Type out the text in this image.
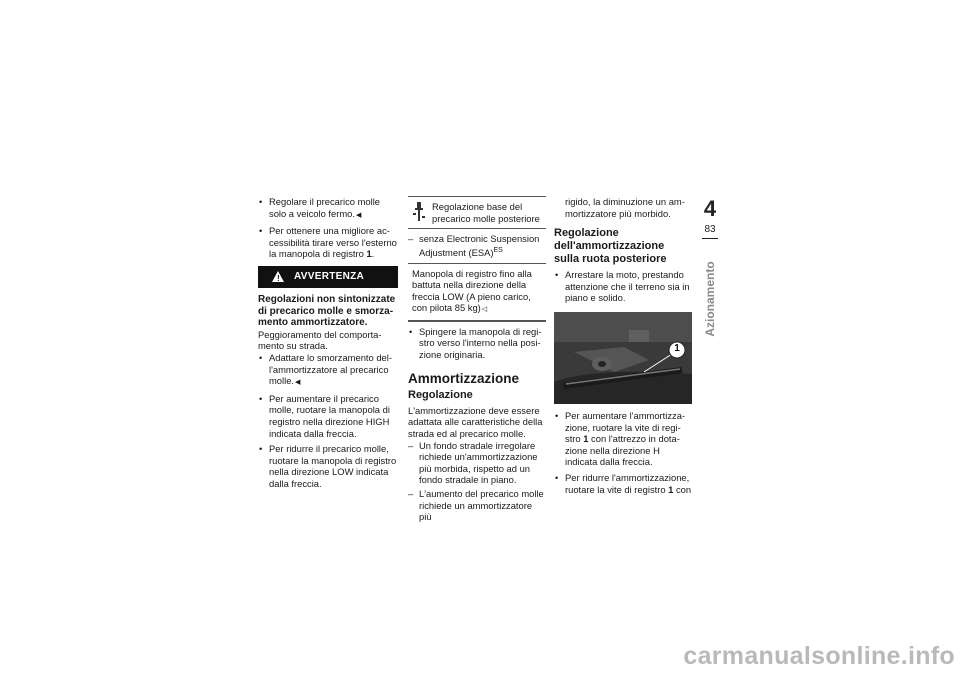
• Regolare il precarico molle solo a veicolo fermo. ◀
• Per ottenere una migliore accessibilità tirare verso l'esterno la manopola di registro 1.
! AVVERTENZA
Regolazioni non sintonizzate di precarico molle e smorzamento ammortizzatore.
Peggioramento del comportamento su strada.
• Adattare lo smorzamento dell'ammortizzatore al precarico molle. ◀
• Per aumentare il precarico molle, ruotare la manopola di registro nella direzione HIGH indicata dalla freccia.
• Per ridurre il precarico molle, ruotare la manopola di registro nella direzione LOW indicata dalla freccia.
Regolazione base del precarico molle posteriore
– senza Electronic Suspension Adjustment (ESA)$^{ES}$
Manopola di registro fino alla battuta nella direzione della freccia LOW (A pieno carico, con pilota 85 kg) ◁
• Spingere la manopola di registro verso l'interno nella posizione originaria.
Ammortizzazione
Regolazione
L'ammortizzazione deve essere adattata alle caratteristiche della strada ed al precarico molle.
– Un fondo stradale irregolare richiede un'ammortizzazione più morbida, rispetto ad un fondo stradale in piano.
– L'aumento del precarico molle richiede un ammortizzatore più
rigido, la diminuzione un ammortizzatore più morbido.
Regolazione dell'ammortizzazione sulla ruota posteriore
• Arrestare la moto, prestando attenzione che il terreno sia in piano e solido.
1
• Per aumentare l'ammortizzazione, ruotare la vite di registro 1 con l'attrezzo in dotazione nella direzione H indicata dalla freccia.
• Per ridurre l'ammortizzazione, ruotare la vite di registro 1 con
4
83
Azionamento
carmanualsonline.info
